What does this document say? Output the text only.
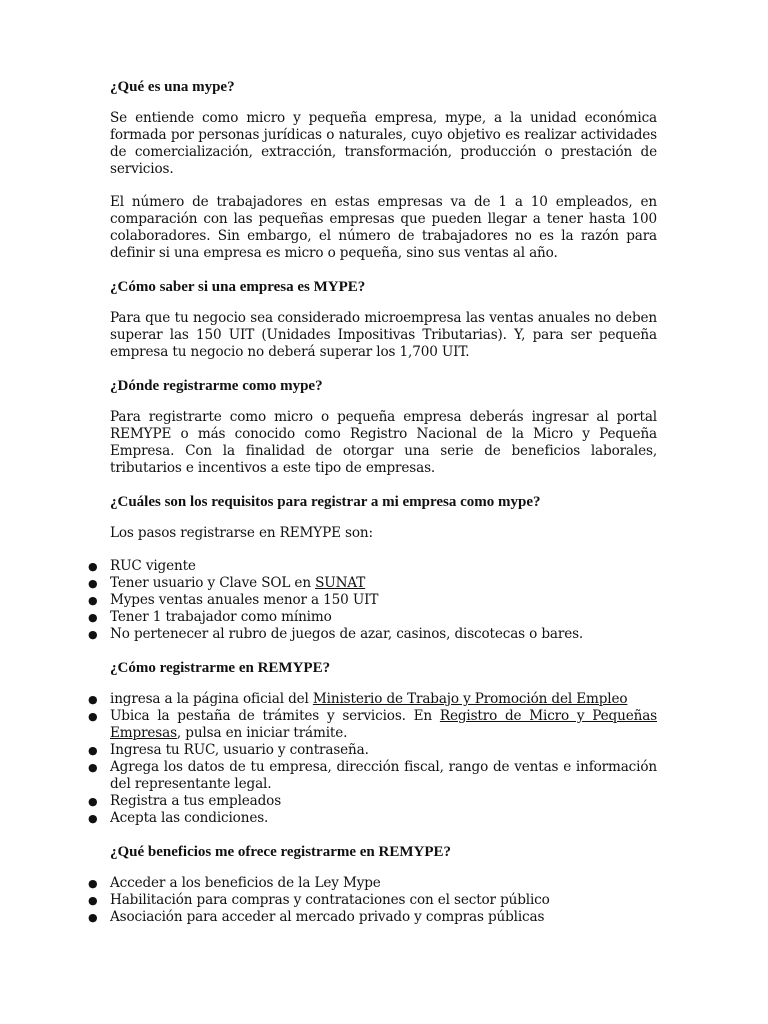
¿Qué es una mype?

Se entiende como micro y pequeña empresa, mype, a la unidad económica formada por personas jurídicas o naturales, cuyo objetivo es realizar actividades de comercialización, extracción, transformación, producción o prestación de servicios.

El número de trabajadores en estas empresas va de 1 a 10 empleados, en comparación con las pequeñas empresas que pueden llegar a tener hasta 100 colaboradores. Sin embargo, el número de trabajadores no es la razón para definir si una empresa es micro o pequeña, sino sus ventas al año.

¿Cómo saber si una empresa es MYPE?

Para que tu negocio sea considerado microempresa las ventas anuales no deben superar las 150 UIT (Unidades Impositivas Tributarias). Y, para ser pequeña empresa tu negocio no deberá superar los 1,700 UIT.

¿Dónde registrarme como mype?

Para registrarte como micro o pequeña empresa deberás ingresar al portal REMYPE o más conocido como Registro Nacional de la Micro y Pequeña Empresa. Con la finalidad de otorgar una serie de beneficios laborales, tributarios e incentivos a este tipo de empresas.

¿Cuáles son los requisitos para registrar a mi empresa como mype?

Los pasos registrarse en REMYPE son:

● RUC vigente
● Tener usuario y Clave SOL en SUNAT
● Mypes ventas anuales menor a 150 UIT
● Tener 1 trabajador como mínimo
● No pertenecer al rubro de juegos de azar, casinos, discotecas o bares.
¿Cómo registrarme en REMYPE?
● ingresa a la página oficial del Ministerio de Trabajo y Promoción del Empleo
● Ubica la pestaña de trámites y servicios. En Registro de Micro y Pequeñas Empresas, pulsa en iniciar trámite.
● Ingresa tu RUC, usuario y contraseña.
● Agrega los datos de tu empresa, dirección fiscal, rango de ventas e información del representante legal.
● Registra a tus empleados
● Acepta las condiciones.
¿Qué beneficios me ofrece registrarme en REMYPE?
● Acceder a los beneficios de la Ley Mype
● Habilitación para compras y contrataciones con el sector público
● Asociación para acceder al mercado privado y compras públicas
